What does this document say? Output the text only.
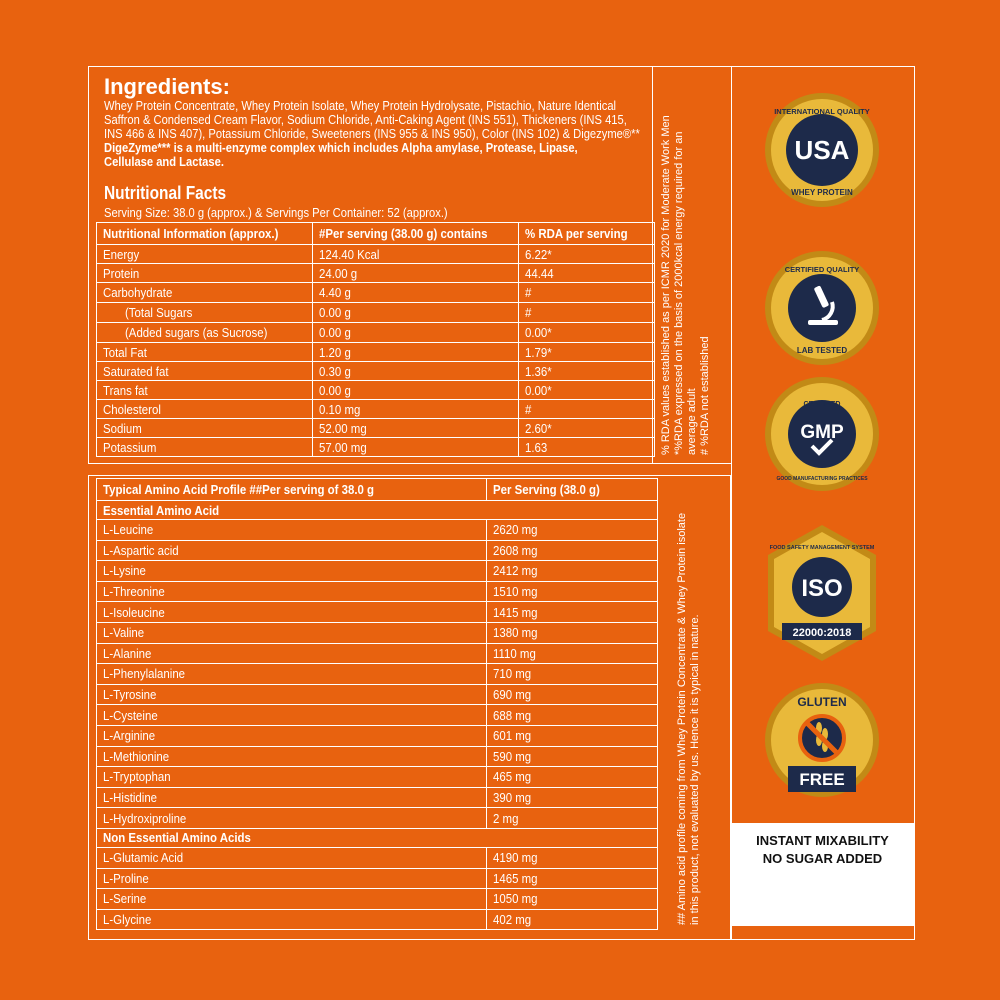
Ingredients:
Whey Protein Concentrate, Whey Protein Isolate, Whey Protein Hydrolysate, Pistachio, Nature Identical
Saffron & Condensed Cream Flavor, Sodium Chloride, Anti-Caking Agent (INS 551), Thickeners (INS 415,
INS 466 & INS 407), Potassium Chloride, Sweeteners (INS 955 & INS 950), Color (INS 102) & Digezyme®**
DigeZyme*** is a multi-enzyme complex which includes Alpha amylase, Protease, Lipase,
Cellulase and Lactase.
Nutritional Facts
Serving Size: 38.0 g (approx.) & Servings Per Container: 52 (approx.)
Nutritional Information (approx.)	#Per serving (38.00 g) contains	% RDA per serving
Energy	124.40 Kcal	6.22*
Protein	24.00 g	44.44
Carbohydrate	4.40 g	#
(Total Sugars	0.00 g	#
(Added sugars (as Sucrose)	0.00 g	0.00*
Total Fat	1.20 g	1.79*
Saturated fat	0.30 g	1.36*
Trans fat	0.00 g	0.00*
Cholesterol	0.10 mg	#
Sodium	52.00 mg	2.60*
Potassium	57.00 mg	1.63	% RDA values established as per ICMR 2020 for Moderate Work Men *%RDA expressed on the basis of 2000kcal energy required for an average adult # %RDA not established
Typical Amino Acid Profile ##Per serving of 38.0 g	Per Serving (38.0 g)
Essential Amino Acid	
L-Leucine	2620 mg
L-Aspartic acid	2608 mg
L-Lysine	2412 mg
L-Threonine	1510 mg
L-Isoleucine	1415 mg
L-Valine	1380 mg
L-Alanine	1110 mg
L-Phenylalanine	710 mg
L-Tyrosine	690 mg
L-Cysteine	688 mg
L-Arginine	601 mg
L-Methionine	590 mg
L-Tryptophan	465 mg
L-Histidine	390 mg
L-Hydroxiproline	2 mg
Non Essential Amino Acids	
L-Glutamic Acid	4190 mg
L-Proline	1465 mg
L-Serine	1050 mg
L-Glycine	402 mg	## Amino acid profile coming from Whey Protein Concentrate & Whey Protein isolate in this product, not evaluated by us. Hence it is typical in nature.
INTERNATIONAL QUALITY
USA
WHEY PROTEIN
CERTIFIED QUALITY
LAB TESTED
CERTIFIED
GMP
GOOD MANUFACTURING PRACTICES
FOOD SAFETY MANAGEMENT SYSTEM
ISO
22000:2018
GLUTEN
FREE
INSTANT MIXABILITY
NO SUGAR ADDED
® Registered Trademark
UBDF22-AW-00
